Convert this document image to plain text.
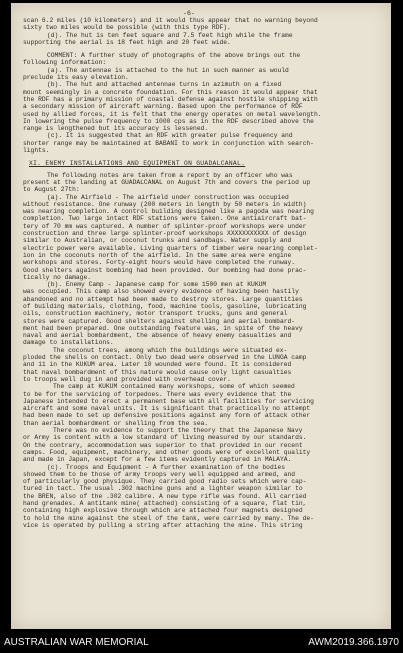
-6-

scan 6.2 miles (10 kilometers) and it would thus appear that no warning beyond

sixty two miles would be possible (with this type RDF).

(d). The hut is ten feet square and 7.5 feet high while the frame

supporting the aerial is 18 feet high and 20 feet wide.

COMMENT: A further study of photographs of the above brings out the

following information:

(a). The antennae is attached to the hut in such manner as would

preclude its easy elevation.

(b). The hut and attached antennae turns in azimuth on a fixed

mount seemingly in a concrete foundation. For this reason it would appear that

the RDF has a primary mission of coastal defense against hostile shipping with

a secondary mission of aircraft warning. Based upon the performance of RDF

used by allied forces, it is felt that the energy operates on metal wavelength.

In lowering the pulse frequency to 1000 cps as in the RDF described above the

range is lengthened but its accuracy is lessened.

(c). It is suggested that an RDF with greater pulse frequency and

shorter range may be maintained at BABANI to work in conjunction with search-

lights.

XI. ENEMY INSTALLATIONS AND EQUIPMENT ON GUADALCANAL.

The following notes are taken from a report by an officer who was

present at the landing at GUADALCANAL on August 7th and covers the period up

to August 27th:

(a). The Airfield - The airfield under construction was occupied

without resistance. One runway (200 meters in length by 50 meters in width)

was nearing completion. A control building designed like a pagoda was nearing

completion. Two large intact RDF stations were taken. One antiaircraft bat-

tery of 70 mm was captured. A number of splinter-proof workshops were under

construction and three large splinter-proof workshops XXXXXXXXXXX of design

similar to Australian, or coconut trunks and sandbags. Water supply and

electric power were available. Living quarters of timber were nearing complet-

ion in the coconuts north of the airfield. In the same area were engine

workshops and stores. Forty-eight hours would have completed the runway.

Good shelters against bombing had been provided. Our bombing had done prac-

tically no damage.

(b). Enemy Camp - Japanese camp for some 1500 men at KUKUM

was occupied. This camp also showed every evidence of having been hastily

abandoned and no attempt had been made to destroy stores. Large quantities

of building materials, clothing, food, machine tools, gasoline, lubricating

oils, construction machinery, motor transport trucks, guns and general

stores were captured. Good shelters against shelling and aerial bombard-

ment had been prepared. One outstanding feature was, in spite of the heavy

naval and aerial bombardment, the absence of heavy enemy casualties and

damage to installations.

The coconut trees, among which the buildings were situated ex-

ploded the shells on contact. Only two dead were observed in the LUNGA camp

and 11 in the KUKUM area. Later 10 wounded were found. It is considered

that naval bombardment of this nature would cause only light casualties

to troops well dug in and provided with overhead cover.

The camp at KUKUM contained many workshops, some of which seemed

to be for the servicing of torpedoes. There was every evidence that the

Japanese intended to erect a permanent base with all facilities for servicing

aircraft and some naval units. It is significant that practically no attempt

had been made to set up defensive positions against any form of attack other

than aerial bombardment or shelling from the sea.

There was no evidence to support the theory that the Japanese Navy

or Army is content with a low standard of living measured by our standards.

On the contrary, accommodation was superior to that provided in our recent

camps. Food, equipment, machinery, and other goods were of excellent quality

and made in Japan, except for a few items evidently captured in MALAYA.

(c). Troops and Equipment - A further examination of the bodies

showed them to be those of army troops very well equipped and armed, and

of particularly good physique. They carried good radio sets which were cap-

tured in tact. The usual .302 machine guns and a lighter weapon similar to

the BREN, also of the .302 calibre. A new type rifle was found. All carried

hand grenades. A antitank mine( attached) consisting of a square, flat tin,

containing high explosive through which are attached four magnets designed

to hold the mine against the steel of the tank, were carried by many. The de-

vice is operated by pulling a string after attaching the mine. This string

AUSTRALIAN WAR MEMORIAL	AWM2019.366.1970
